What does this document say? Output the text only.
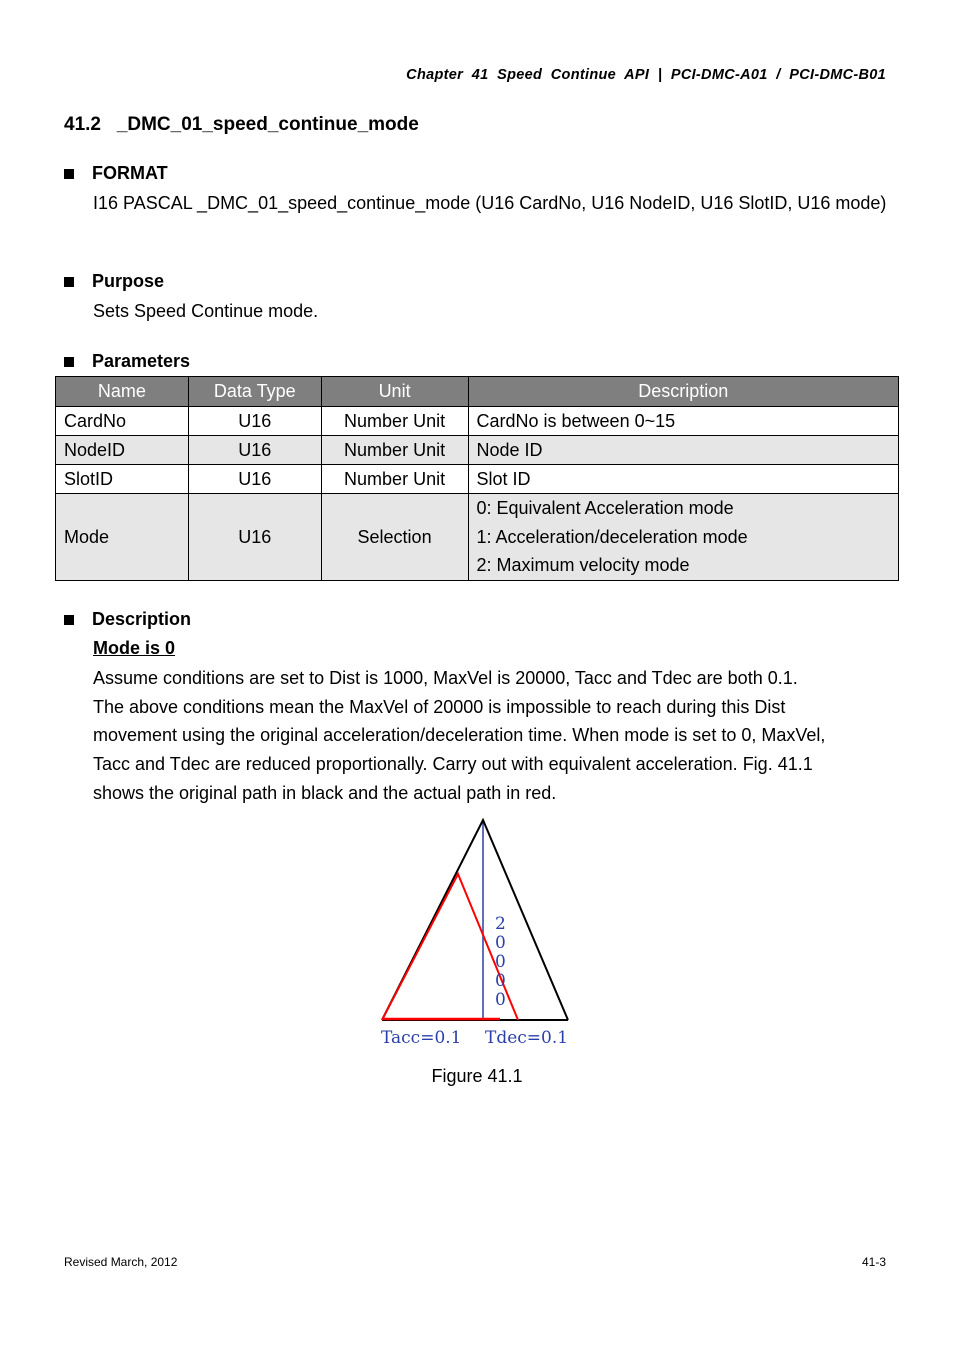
Chapter  41  Speed  Continue  API  |  PCI-DMC-A01  /  PCI-DMC-B01
41.2   _DMC_01_speed_continue_mode
FORMAT
I16 PASCAL _DMC_01_speed_continue_mode (U16 CardNo, U16 NodeID, U16 SlotID, U16 mode)
Purpose
Sets Speed Continue mode.
Parameters
Name	Data Type	Unit	Description
CardNo	U16	Number Unit	CardNo is between 0~15
NodeID	U16	Number Unit	Node ID
SlotID	U16	Number Unit	Slot ID
Mode	U16	Selection	0: Equivalent Acceleration mode
1: Acceleration/deceleration mode
2: Maximum velocity mode
Description
Mode is 0
Assume conditions are set to Dist is 1000, MaxVel is 20000, Tacc and Tdec are both 0.1.
The above conditions mean the MaxVel of 20000 is impossible to reach during this Dist
movement using the original acceleration/deceleration time. When mode is set to 0, MaxVel,
Tacc and Tdec are reduced proportionally. Carry out with equivalent acceleration. Fig. 41.1
shows the original path in black and the actual path in red.
2
0
0
0
0
Tacc=0.1 Tdec=0.1
Figure 41.1
Revised March, 2012	41-3
